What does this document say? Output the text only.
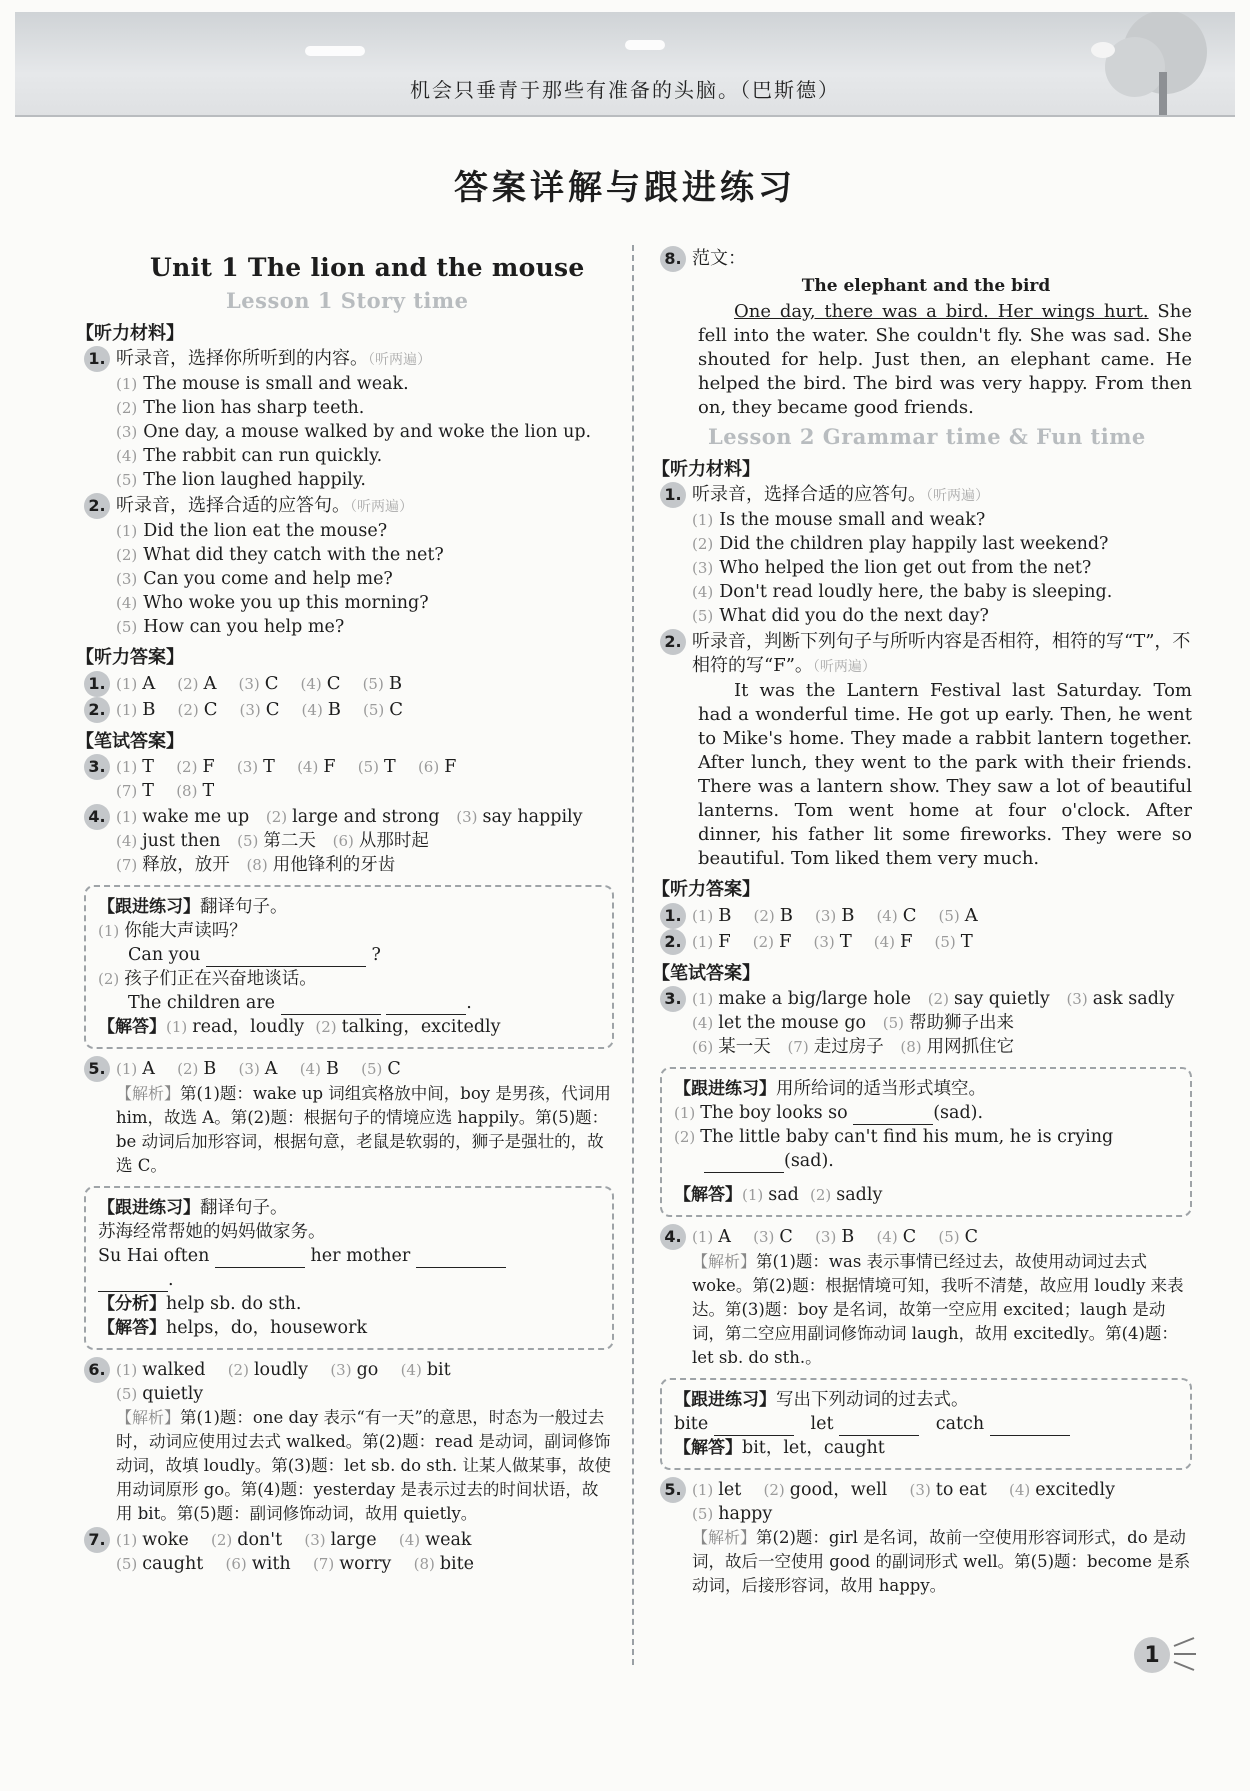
机会只垂青于那些有准备的头脑。（巴斯德）
答案详解与跟进练习
Unit 1 The lion and the mouse
Lesson 1 Story time
【听力材料】
1. 听录音，选择你所听到的内容。（听两遍）
(1) The mouse is small and weak.
(2) The lion has sharp teeth.
(3) One day, a mouse walked by and woke the lion up.
(4) The rabbit can run quickly.
(5) The lion laughed happily.
2. 听录音，选择合适的应答句。（听两遍）
(1) Did the lion eat the mouse?
(2) What did they catch with the net?
(3) Can you come and help me?
(4) Who woke you up this morning?
(5) How can you help me?
【听力答案】
1. (1) A (2) A (3) C (4) C (5) B
2. (1) B (2) C (3) C (4) B (5) C
【笔试答案】
3. (1) T (2) F (3) T (4) F (5) T (6) F
(7) T (8) T
4. (1) wake me up (2) large and strong (3) say happily   (4) just then (5) 第二天 (6) 从那时起
(7) 释放，放开 (8) 用他锋利的牙齿
【跟进练习】翻译句子。
(1) 你能大声读吗？
Can you	?
(2) 孩子们正在兴奋地谈话。
The children are	.
【解答】(1) read，loudly (2) talking，excitedly
5. (1) A (2) B (3) A (4) B (5) C
【解析】第(1)题：wake up 词组宾格放中间，boy 是男孩，代词用 him，故选 A。第(2)题：根据句子的情境应选 happily。第(5)题：be 动词后加形容词，根据句意，老鼠是软弱的，狮子是强壮的，故选 C。
【跟进练习】翻译句子。
苏海经常帮她的妈妈做家务。
Su Hai often	her mother
.
【分析】help sb. do sth.
【解答】helps，do，housework
6. (1) walked (2) loudly (3) go (4) bit
(5) quietly
【解析】第(1)题：one day 表示“有一天”的意思，时态为一般过去时，动词应使用过去式 walked。第(2)题：read 是动词，副词修饰动词，故填 loudly。第(3)题：let sb. do sth. 让某人做某事，故使用动词原形 go。第(4)题：yesterday 是表示过去的时间状语，故用 bit。第(5)题：副词修饰动词，故用 quietly。
7. (1) woke (2) don't (3) large (4) weak
(5) caught (6) with (7) worry (8) bite
8. 范文：
The elephant and the bird
One day, there was a bird. Her wings hurt. She fell into the water. She couldn't fly. She was sad. She shouted for help. Just then, an elephant came. He helped the bird. The bird was very happy. From then on, they became good friends.
Lesson 2 Grammar time & Fun time
【听力材料】
1. 听录音，选择合适的应答句。（听两遍）
(1) Is the mouse small and weak?
(2) Did the children play happily last weekend?
(3) Who helped the lion get out from the net?
(4) Don't read loudly here, the baby is sleeping.
(5) What did you do the next day?
2. 听录音，判断下列句子与所听内容是否相符，相符的写“T”，不相符的写“F”。（听两遍）
It was the Lantern Festival last Saturday. Tom had a wonderful time. He got up early. Then, he went to Mike's home. They made a rabbit lantern together. After lunch, they went to the park with their friends. There was a lantern show. They saw a lot of beautiful lanterns. Tom went home at four o'clock. After dinner, his father lit some fireworks. They were so beautiful. Tom liked them very much.
【听力答案】
1. (1) B (2) B (3) B (4) C (5) A
2. (1) F (2) F (3) T (4) F (5) T
【笔试答案】
3. (1) make a big/large hole (2) say quietly (3) ask sadly   (4) let the mouse go (5) 帮助狮子出来
(6) 某一天 (7) 走过房子 (8) 用网抓住它
【跟进练习】用所给词的适当形式填空。
(1) The boy looks so	(sad).
(2) The little baby can't find his mum, he is crying
(sad).
【解答】(1) sad (2) sadly
4. (1) A (3) C (3) B (4) C (5) C
【解析】第(1)题：was 表示事情已经过去，故使用动词过去式 woke。第(2)题：根据情境可知，我听不清楚，故应用 loudly 来表达。第(3)题：boy 是名词，故第一空应用 excited；laugh 是动词，第二空应用副词修饰动词 laugh，故用 excitedly。第(4)题：let sb. do sth.。
【跟进练习】写出下列动词的过去式。
bite	let	catch
【解答】bit，let，caught
5. (1) let (2) good，well (3) to eat (4) excitedly
(5) happy
【解析】第(2)题：girl 是名词，故前一空使用形容词形式，do 是动词，故后一空使用 good 的副词形式 well。第(5)题：become 是系动词，后接形容词，故用 happy。
1
